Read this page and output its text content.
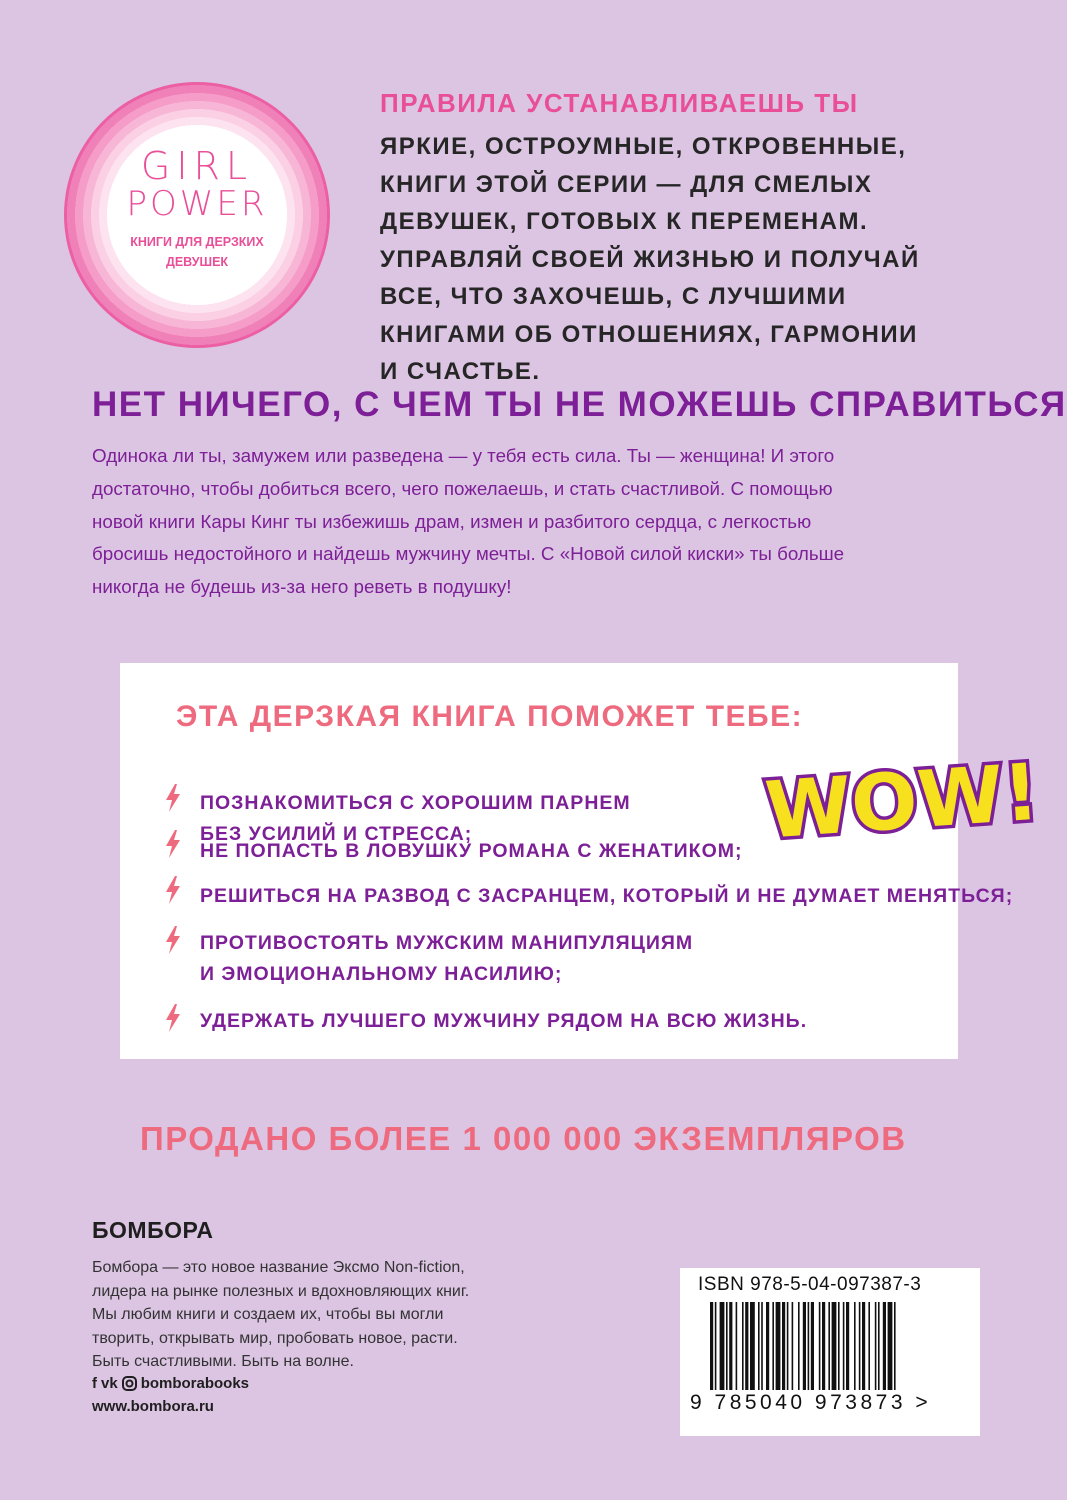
GIRL
POWER
КНИГИ ДЛЯ ДЕРЗКИХ
ДЕВУШЕК
ПРАВИЛА УСТАНАВЛИВАЕШЬ ТЫ
ЯРКИЕ, ОСТРОУМНЫЕ, ОТКРОВЕННЫЕ,
КНИГИ ЭТОЙ СЕРИИ — ДЛЯ СМЕЛЫХ
ДЕВУШЕК, ГОТОВЫХ К ПЕРЕМЕНАМ.
УПРАВЛЯЙ СВОЕЙ ЖИЗНЬЮ И ПОЛУЧАЙ
ВСЕ, ЧТО ЗАХОЧЕШЬ, С ЛУЧШИМИ
КНИГАМИ ОБ ОТНОШЕНИЯХ, ГАРМОНИИ
И СЧАСТЬЕ.
НЕТ НИЧЕГО, С ЧЕМ ТЫ НЕ МОЖЕШЬ СПРАВИТЬСЯ
Одинока ли ты, замужем или разведена — у тебя есть сила. Ты — женщина! И этого
достаточно, чтобы добиться всего, чего пожелаешь, и стать счастливой. С помощью
новой книги Кары Кинг ты избежишь драм, измен и разбитого сердца, с легкостью
бросишь недостойного и найдешь мужчину мечты. С «Новой силой киски» ты больше
никогда не будешь из-за него реветь в подушку!
ЭТА ДЕРЗКАЯ КНИГА ПОМОЖЕТ ТЕБЕ:
ПОЗНАКОМИТЬСЯ С ХОРОШИМ ПАРНЕМ
БЕЗ УСИЛИЙ И СТРЕССА;
НЕ ПОПАСТЬ В ЛОВУШКУ РОМАНА С ЖЕНАТИКОМ;
РЕШИТЬСЯ НА РАЗВОД С ЗАСРАНЦЕМ, КОТОРЫЙ И НЕ ДУМАЕТ МЕНЯТЬСЯ;
ПРОТИВОСТОЯТЬ МУЖСКИМ МАНИПУЛЯЦИЯМ
И ЭМОЦИОНАЛЬНОМУ НАСИЛИЮ;
УДЕРЖАТЬ ЛУЧШЕГО МУЖЧИНУ РЯДОМ НА ВСЮ ЖИЗНЬ.
WOW!
ПРОДАНО БОЛЕЕ 1 000 000 ЭКЗЕМПЛЯРОВ
БОМБОРА
Бомбора — это новое название Эксмо Non-fiction,
лидера на рынке полезных и вдохновляющих книг.
Мы любим книги и создаем их, чтобы вы могли
творить, открывать мир, пробовать новое, расти.
Быть счастливыми. Быть на волне.
f vk bomborabooks
www.bombora.ru
ISBN 978-5-04-097387-3
9 785040 973873 >
